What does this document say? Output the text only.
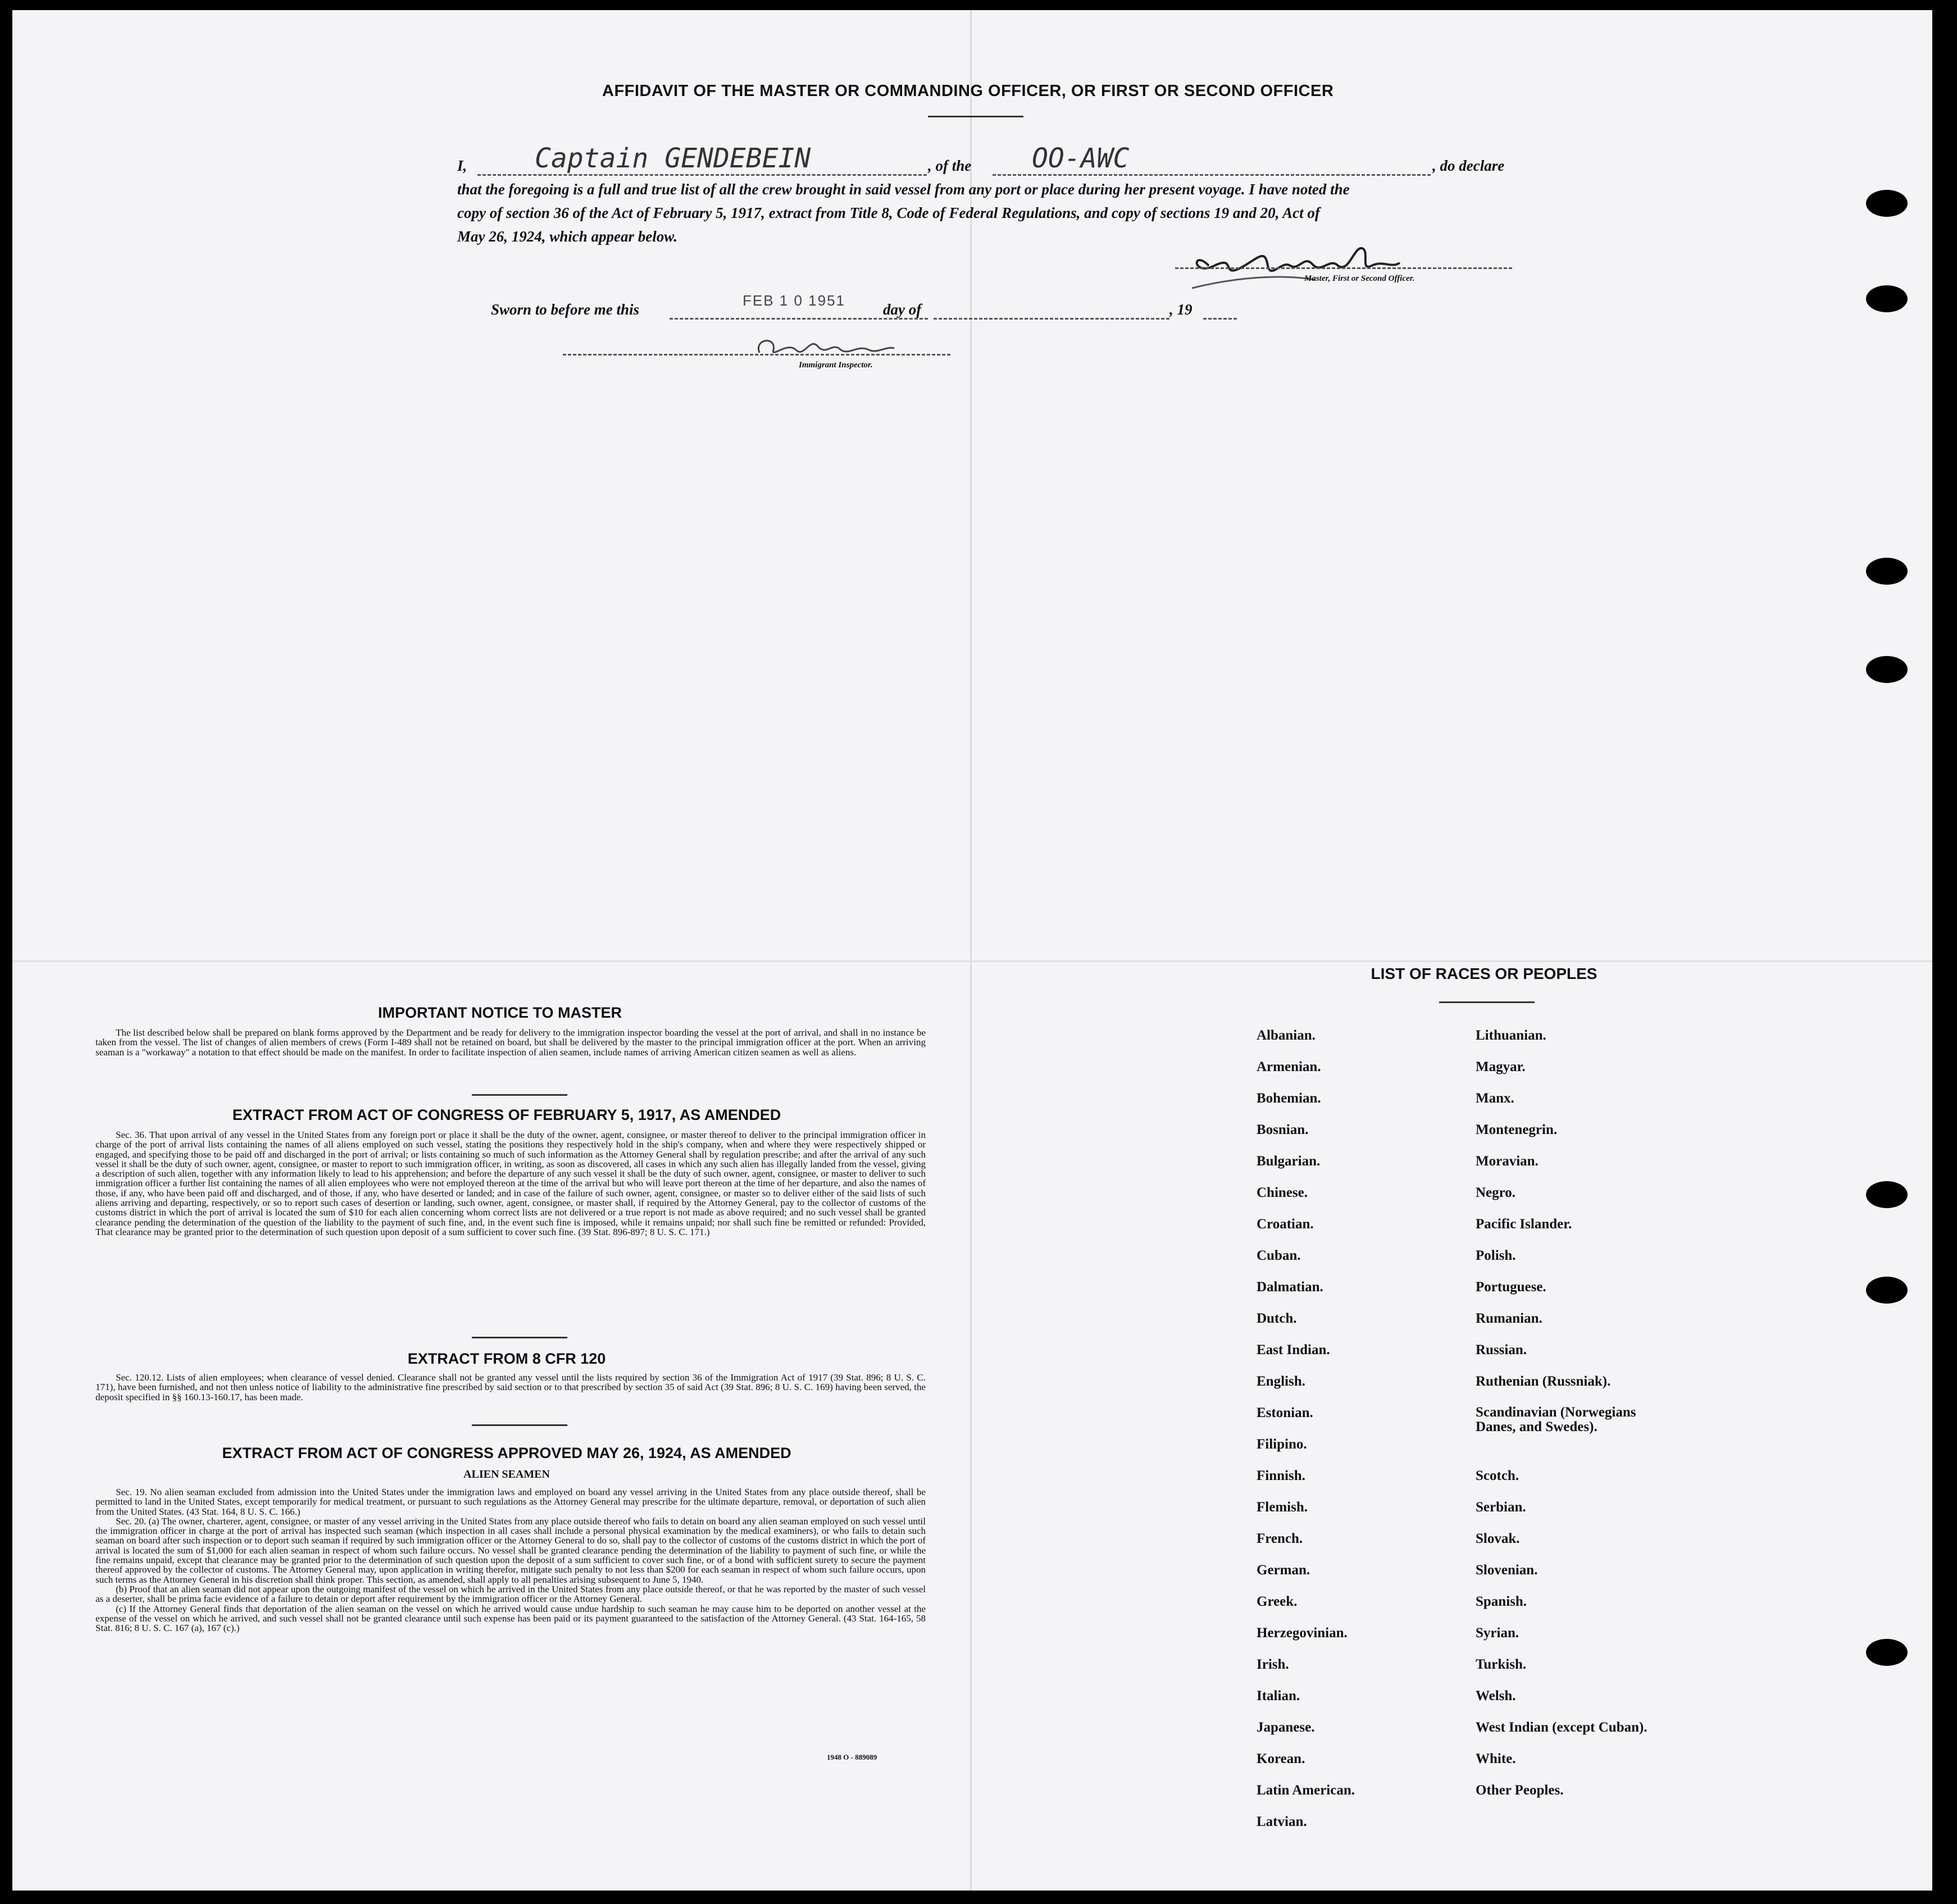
AFFIDAVIT OF THE MASTER OR COMMANDING OFFICER, OR FIRST OR SECOND OFFICER
I,	Captain GENDEBEIN	, of the OO-AWC	, do declare
that the foregoing is a full and true list of all the crew brought in said vessel from any port or place during her present voyage. I have noted the
copy of section 36 of the Act of February 5, 1917, extract from Title 8, Code of Federal Regulations, and copy of sections 19 and 20, Act of
May 26, 1924, which appear below.
Master, First or Second Officer.
Sworn to before me this
FEB 1 0 1951
day of	, 19
Immigrant Inspector.
IMPORTANT NOTICE TO MASTER

The list described below shall be prepared on blank forms approved by the Department and be ready for delivery to the immigration inspector boarding the vessel at the port of arrival, and shall in no instance be taken from the vessel. The list of changes of alien members of crews (Form I-489 shall not be retained on board, but shall be delivered by the master to the principal immigration officer at the port. When an arriving seaman is a "workaway" a notation to that effect should be made on the manifest. In order to facilitate inspection of alien seamen, include names of arriving American citizen seamen as well as aliens.

EXTRACT FROM ACT OF CONGRESS OF FEBRUARY 5, 1917, AS AMENDED

Sec. 36. That upon arrival of any vessel in the United States from any foreign port or place it shall be the duty of the owner, agent, consignee, or master thereof to deliver to the principal immigration officer in charge of the port of arrival lists containing the names of all aliens employed on such vessel, stating the positions they respectively hold in the ship's company, when and where they were respectively shipped or engaged, and specifying those to be paid off and discharged in the port of arrival; or lists containing so much of such information as the Attorney General shall by regulation prescribe; and after the arrival of any such vessel it shall be the duty of such owner, agent, consignee, or master to report to such immigration officer, in writing, as soon as discovered, all cases in which any such alien has illegally landed from the vessel, giving a description of such alien, together with any information likely to lead to his apprehension; and before the departure of any such vessel it shall be the duty of such owner, agent, consignee, or master to deliver to such immigration officer a further list containing the names of all alien employees who were not employed thereon at the time of the arrival but who will leave port thereon at the time of her departure, and also the names of those, if any, who have been paid off and discharged, and of those, if any, who have deserted or landed; and in case of the failure of such owner, agent, consignee, or master so to deliver either of the said lists of such aliens arriving and departing, respectively, or so to report such cases of desertion or landing, such owner, agent, consignee, or master shall, if required by the Attorney General, pay to the collector of customs of the customs district in which the port of arrival is located the sum of $10 for each alien concerning whom correct lists are not delivered or a true report is not made as above required; and no such vessel shall be granted clearance pending the determination of the question of the liability to the payment of such fine, and, in the event such fine is imposed, while it remains unpaid; nor shall such fine be remitted or refunded: Provided, That clearance may be granted prior to the determination of such question upon deposit of a sum sufficient to cover such fine. (39 Stat. 896-897; 8 U. S. C. 171.)

EXTRACT FROM 8 CFR 120

Sec. 120.12. Lists of alien employees; when clearance of vessel denied. Clearance shall not be granted any vessel until the lists required by section 36 of the Immigration Act of 1917 (39 Stat. 896; 8 U. S. C. 171), have been furnished, and not then unless notice of liability to the administrative fine prescribed by said section or to that prescribed by section 35 of said Act (39 Stat. 896; 8 U. S. C. 169) having been served, the deposit specified in §§ 160.13-160.17, has been made.

EXTRACT FROM ACT OF CONGRESS APPROVED MAY 26, 1924, AS AMENDED
ALIEN SEAMEN

Sec. 19. No alien seaman excluded from admission into the United States under the immigration laws and employed on board any vessel arriving in the United States from any place outside thereof, shall be permitted to land in the United States, except temporarily for medical treatment, or pursuant to such regulations as the Attorney General may prescribe for the ultimate departure, removal, or deportation of such alien from the United States. (43 Stat. 164, 8 U. S. C. 166.)

Sec. 20. (a) The owner, charterer, agent, consignee, or master of any vessel arriving in the United States from any place outside thereof who fails to detain on board any alien seaman employed on such vessel until the immigration officer in charge at the port of arrival has inspected such seaman (which inspection in all cases shall include a personal physical examination by the medical examiners), or who fails to detain such seaman on board after such inspection or to deport such seaman if required by such immigration officer or the Attorney General to do so, shall pay to the collector of customs of the customs district in which the port of arrival is located the sum of $1,000 for each alien seaman in respect of whom such failure occurs. No vessel shall be granted clearance pending the determination of the liability to payment of such fine, or while the fine remains unpaid, except that clearance may be granted prior to the determination of such question upon the deposit of a sum sufficient to cover such fine, or of a bond with sufficient surety to secure the payment thereof approved by the collector of customs. The Attorney General may, upon application in writing therefor, mitigate such penalty to not less than $200 for each seaman in respect of whom such failure occurs, upon such terms as the Attorney General in his discretion shall think proper. This section, as amended, shall apply to all penalties arising subsequent to June 5, 1940.

(b) Proof that an alien seaman did not appear upon the outgoing manifest of the vessel on which he arrived in the United States from any place outside thereof, or that he was reported by the master of such vessel as a deserter, shall be prima facie evidence of a failure to detain or deport after requirement by the immigration officer or the Attorney General.

(c) If the Attorney General finds that deportation of the alien seaman on the vessel on which he arrived would cause undue hardship to such seaman he may cause him to be deported on another vessel at the expense of the vessel on which he arrived, and such vessel shall not be granted clearance until such expense has been paid or its payment guaranteed to the satisfaction of the Attorney General. (43 Stat. 164-165, 58 Stat. 816; 8 U. S. C. 167 (a), 167 (c).)

1948 O - 889089
LIST OF RACES OR PEOPLES
Albanian.
Armenian.
Bohemian.
Bosnian.
Bulgarian.
Chinese.
Croatian.
Cuban.
Dalmatian.
Dutch.
East Indian.
English.
Estonian.
Filipino.
Finnish.
Flemish.
French.
German.
Greek.
Herzegovinian.
Irish.
Italian.
Japanese.
Korean.
Latin American.
Latvian.
Lithuanian.
Magyar.
Manx.
Montenegrin.
Moravian.
Negro.
Pacific Islander.
Polish.
Portuguese.
Rumanian.
Russian.
Ruthenian (Russniak).
Scandinavian (Norwegians Danes, and Swedes).
Scotch.
Serbian.
Slovak.
Slovenian.
Spanish.
Syrian.
Turkish.
Welsh.
West Indian (except Cuban).
White.
Other Peoples.
